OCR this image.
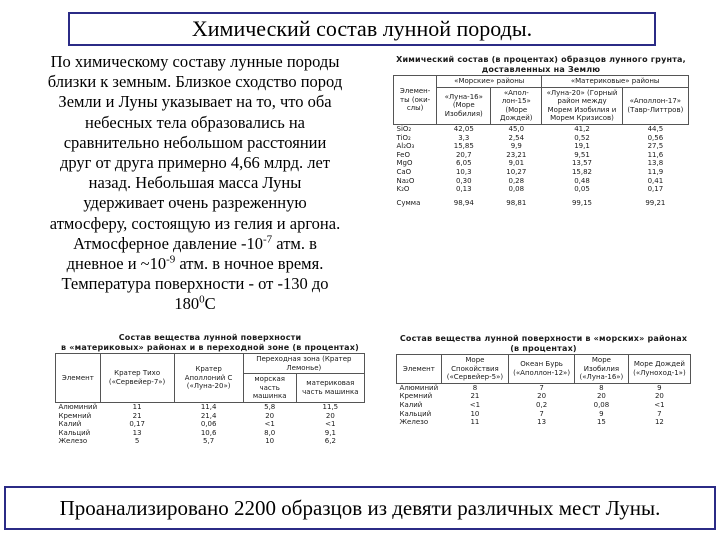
Химический состав лунной породы.
По химическому составу лунные породы
близки к земным. Близкое сходство пород
Земли и Луны указывает на то, что оба
небесных тела образовались на
сравнительно небольшом расстоянии
друг от друга примерно 4,66 млрд. лет
назад. Небольшая масса Луны
удерживает очень разреженную
атмосферу, состоящую из гелия и аргона.
Атмосферное давление $-10^{-7}$ атм. в
дневное и $\sim 10^{-9}$ атм. в ночное время.
Температура поверхности - от -130 до
$180^0С$
Химический состав (в процентах) образцов лунного грунта,
доставленных на Землю
Элемен-ты (оки-слы)	«Морские» районы		«Материковые» районы	
	«Луна-16» (Море Изобилия)	«Апол-лон-15» (Море Дождей)	«Луна-20» (Горный район между Морем Изобилия и Морем Кризисов)	«Аполлон-17» (Тавр-Литтров)
SiO₂	42,05	45,0	41,2	44,5
TiO₂	3,3	2,54	0,52	0,56
Al₂O₃	15,85	9,9	19,1	27,5
FeO	20,7	23,21	9,51	11,6
MgO	6,05	9,01	13,57	13,8
CaO	10,3	10,27	15,82	11,9
Na₂O	0,30	0,28	0,48	0,41
K₂O	0,13	0,08	0,05	0,17
Сумма	98,94	98,81	99,15	99,21
Состав вещества лунной поверхности
в «материковых» районах и в переходной зоне (в процентах)
Элемент	Кратер Тихо («Сервейер-7»)	Кратер Аполлоний С («Луна-20»)	Переходная зона (Кратер Лемонье)	
			морская часть машинка	материковая часть машинка
Алюминий	11	11,4	5,8	11,5
Кремний	21	21,4	20	20
Калий	0,17	0,06	<1	<1
Кальций	13	10,6	8,0	9,1
Железо	5	5,7	10	6,2
Состав вещества лунной поверхности в «морских» районах
(в процентах)
Элемент	Море Спокойствия («Сервейер-5»)	Океан Бурь («Аполлон-12»)	Море Изобилия («Луна-16»)	Море Дождей («Луноход-1»)
Алюминий	8	7	8	9
Кремний	21	20	20	20
Калий	<1	0,2	0,08	<1
Кальций	10	7	9	7
Железо	11	13	15	12
Проанализировано 2200 образцов из девяти различных мест Луны.
